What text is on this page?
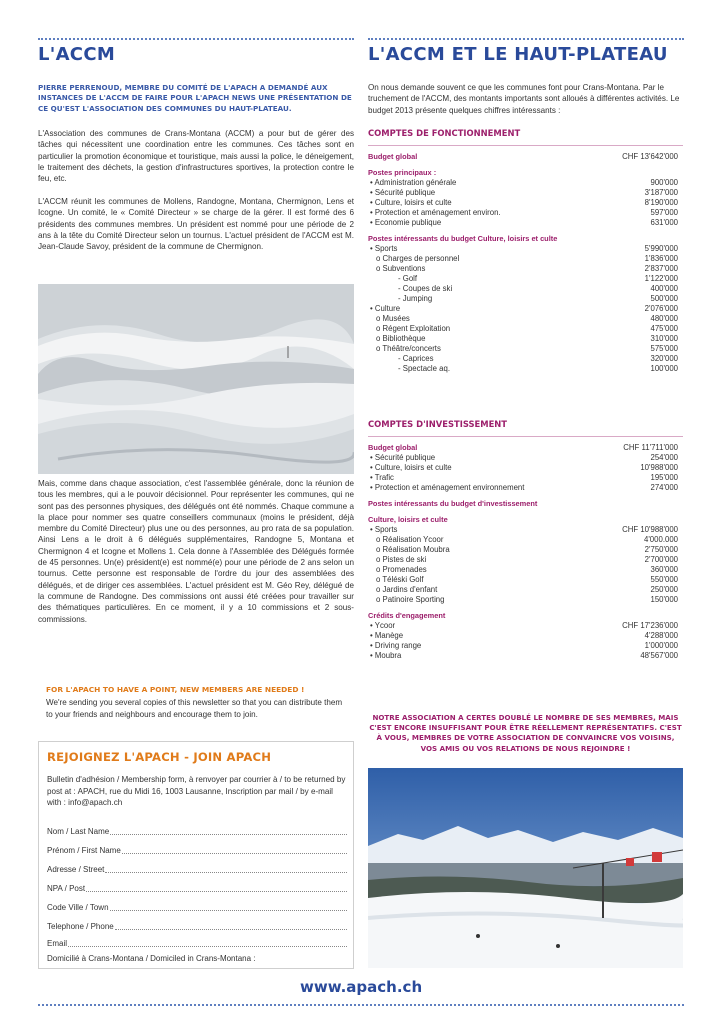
L'ACCM
PIERRE PERRENOUD, MEMBRE DU COMITÉ DE L'APACH A DEMANDÉ AUX INSTANCES DE L'ACCM DE FAIRE POUR L'APACH NEWS UNE PRÉSENTATION DE CE QU'EST L'ASSOCIATION DES COMMUNES DU HAUT-PLATEAU.
L'Association des communes de Crans-Montana (ACCM) a pour but de gérer des tâches qui nécessitent une coordination entre les communes. Ces tâches sont en particulier la promotion économique et touristique, mais aussi la police, le déneigement, le traitement des déchets, la gestion d'infrastructures sportives, la protection contre le feu, etc.
L'ACCM réunit les communes de Mollens, Randogne, Montana, Chermignon, Lens et Icogne. Un comité, le « Comité Directeur » se charge de la gérer. Il est formé des 6 présidents des communes membres. Un président est nommé pour une période de 2 ans à la tête du Comité Directeur selon un tournus. L'actuel président de l'ACCM est M. Jean-Claude Savoy, président de la commune de Chermignon.
Mais, comme dans chaque association, c'est l'assemblée générale, donc la réunion de tous les membres, qui a le pouvoir décisionnel. Pour représenter les communes, qui ne sont pas des personnes physiques, des délégués ont été nommés. Chaque commune a la place pour nommer ses quatre conseillers communaux (moins le président, déjà membre du Comité Directeur) plus une ou des personnes, au pro rata de sa population. Ainsi Lens a le droit à 6 délégués supplémentaires, Randogne 5, Montana et Chermignon 4 et Icogne et Mollens 1. Cela donne à l'Assemblée des Délégués formée de 45 personnes. Un(e) président(e) est nommé(e) pour une période de 2 ans selon un tournus. Cette personne est responsable de l'ordre du jour des assemblées des délégués, et de diriger ces assemblées. L'actuel président est M. Géo Rey, délégué de la commune de Randogne. Des commissions ont aussi été créées pour travailler sur des thématiques particulières. En ce moment, il y a 10 commissions et 2 sous-commissions.
FOR L'APACH TO HAVE A POINT, NEW MEMBERS ARE NEEDED !
We're sending you several copies of this newsletter so that you can distribute them to your friends and neighbours and encourage them to join.
REJOIGNEZ L'APACH - JOIN APACH
Bulletin d'adhésion / Membership form, à renvoyer par courrier à / to be returned by post at : APACH, rue du Midi 16, 1003 Lausanne, Inscription par mail / by e-mail with : info@apach.ch
Nom / Last Name
Prénom / First Name
Adresse / Street
NPA / Post
Code Ville / Town
Telephone / Phone
Email
Domicilié à Crans-Montana / Domiciled in Crans-Montana :
L'ACCM ET LE HAUT-PLATEAU
On nous demande souvent ce que les communes font pour Crans-Montana. Par le truchement de l'ACCM, des montants importants sont alloués à différentes activités. Le budget 2013 présente quelques chiffres intéressants :
COMPTES DE FONCTIONNEMENT
Budget global	CHF 13'642'000
Postes principaux :
• Administration générale	900'000
• Sécurité publique	3'187'000
• Culture, loisirs et culte	8'190'000
• Protection et aménagement environ.	597'000
• Economie publique	631'000
Postes intéressants du budget Culture, loisirs et culte
• Sports	5'990'000
o Charges de personnel	1'836'000
o Subventions	2'837'000
- Golf	1'122'000
- Coupes de ski	400'000
- Jumping	500'000
• Culture	2'076'000
o Musées	480'000
o Régent Exploitation	475'000
o Bibliothèque	310'000
o Théâtre/concerts	575'000
- Caprices	320'000
- Spectacle aq.	100'000
COMPTES D'INVESTISSEMENT
Budget global	CHF 11'711'000
• Sécurité publique	254'000
• Culture, loisirs et culte	10'988'000
• Trafic	195'000
• Protection et aménagement environnement	274'000
Postes intéressants du budget d'investissement
Culture, loisirs et culte
• Sports	CHF 10'988'000
o Réalisation Ycoor	4'000.000
o Réalisation Moubra	2'750'000
o Pistes de ski	2'700'000
o Promenades	360'000
o Téléski Golf	550'000
o Jardins d'enfant	250'000
o Patinoire Sporting	150'000
Crédits d'engagement
• Ycoor	CHF 17'236'000
• Manège	4'288'000
• Driving range	1'000'000
• Moubra	48'567'000
NOTRE ASSOCIATION A CERTES DOUBLÉ LE NOMBRE DE SES MEMBRES, MAIS C'EST ENCORE INSUFFISANT POUR ÊTRE RÉELLEMENT REPRÉSENTATIFS. C'EST À VOUS, MEMBRES DE VOTRE ASSOCIATION DE CONVAINCRE VOS VOISINS, VOS AMIS OU VOS RELATIONS DE NOUS REJOINDRE !
www.apach.ch
